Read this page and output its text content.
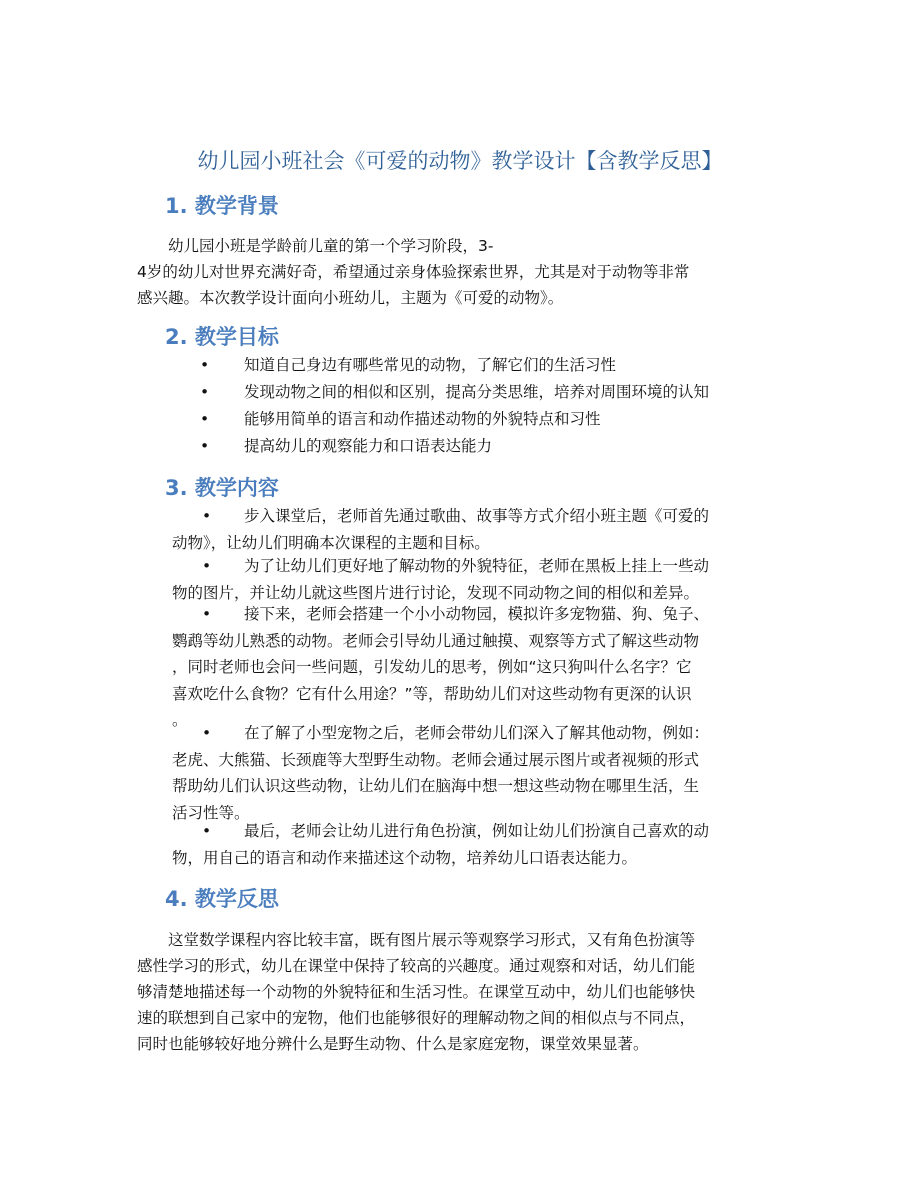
幼儿园小班社会《可爱的动物》教学设计【含教学反思】
1. 教学背景
幼儿园小班是学龄前儿童的第一个学习阶段，3-
4岁的幼儿对世界充满好奇，希望通过亲身体验探索世界，尤其是对于动物等非常
感兴趣。本次教学设计面向小班幼儿，主题为《可爱的动物》。
2. 教学目标
• 知道自己身边有哪些常见的动物，了解它们的生活习性
• 发现动物之间的相似和区别，提高分类思维，培养对周围环境的认知
• 能够用简单的语言和动作描述动物的外貌特点和习性
• 提高幼儿的观察能力和口语表达能力
3. 教学内容
• 步入课堂后，老师首先通过歌曲、故事等方式介绍小班主题《可爱的
动物》，让幼儿们明确本次课程的主题和目标。
• 为了让幼儿们更好地了解动物的外貌特征，老师在黑板上挂上一些动
物的图片，并让幼儿就这些图片进行讨论，发现不同动物之间的相似和差异。
• 接下来，老师会搭建一个小小动物园，模拟许多宠物猫、狗、兔子、
鹦鹉等幼儿熟悉的动物。老师会引导幼儿通过触摸、观察等方式了解这些动物
，同时老师也会问一些问题，引发幼儿的思考，例如“这只狗叫什么名字？它
喜欢吃什么食物？它有什么用途？”等，帮助幼儿们对这些动物有更深的认识
。
• 在了解了小型宠物之后，老师会带幼儿们深入了解其他动物，例如：
老虎、大熊猫、长颈鹿等大型野生动物。老师会通过展示图片或者视频的形式
帮助幼儿们认识这些动物，让幼儿们在脑海中想一想这些动物在哪里生活，生
活习性等。
• 最后，老师会让幼儿进行角色扮演，例如让幼儿们扮演自己喜欢的动
物，用自己的语言和动作来描述这个动物，培养幼儿口语表达能力。
4. 教学反思
这堂数学课程内容比较丰富，既有图片展示等观察学习形式，又有角色扮演等
感性学习的形式，幼儿在课堂中保持了较高的兴趣度。通过观察和对话，幼儿们能
够清楚地描述每一个动物的外貌特征和生活习性。在课堂互动中，幼儿们也能够快
速的联想到自己家中的宠物，他们也能够很好的理解动物之间的相似点与不同点，
同时也能够较好地分辨什么是野生动物、什么是家庭宠物，课堂效果显著。
